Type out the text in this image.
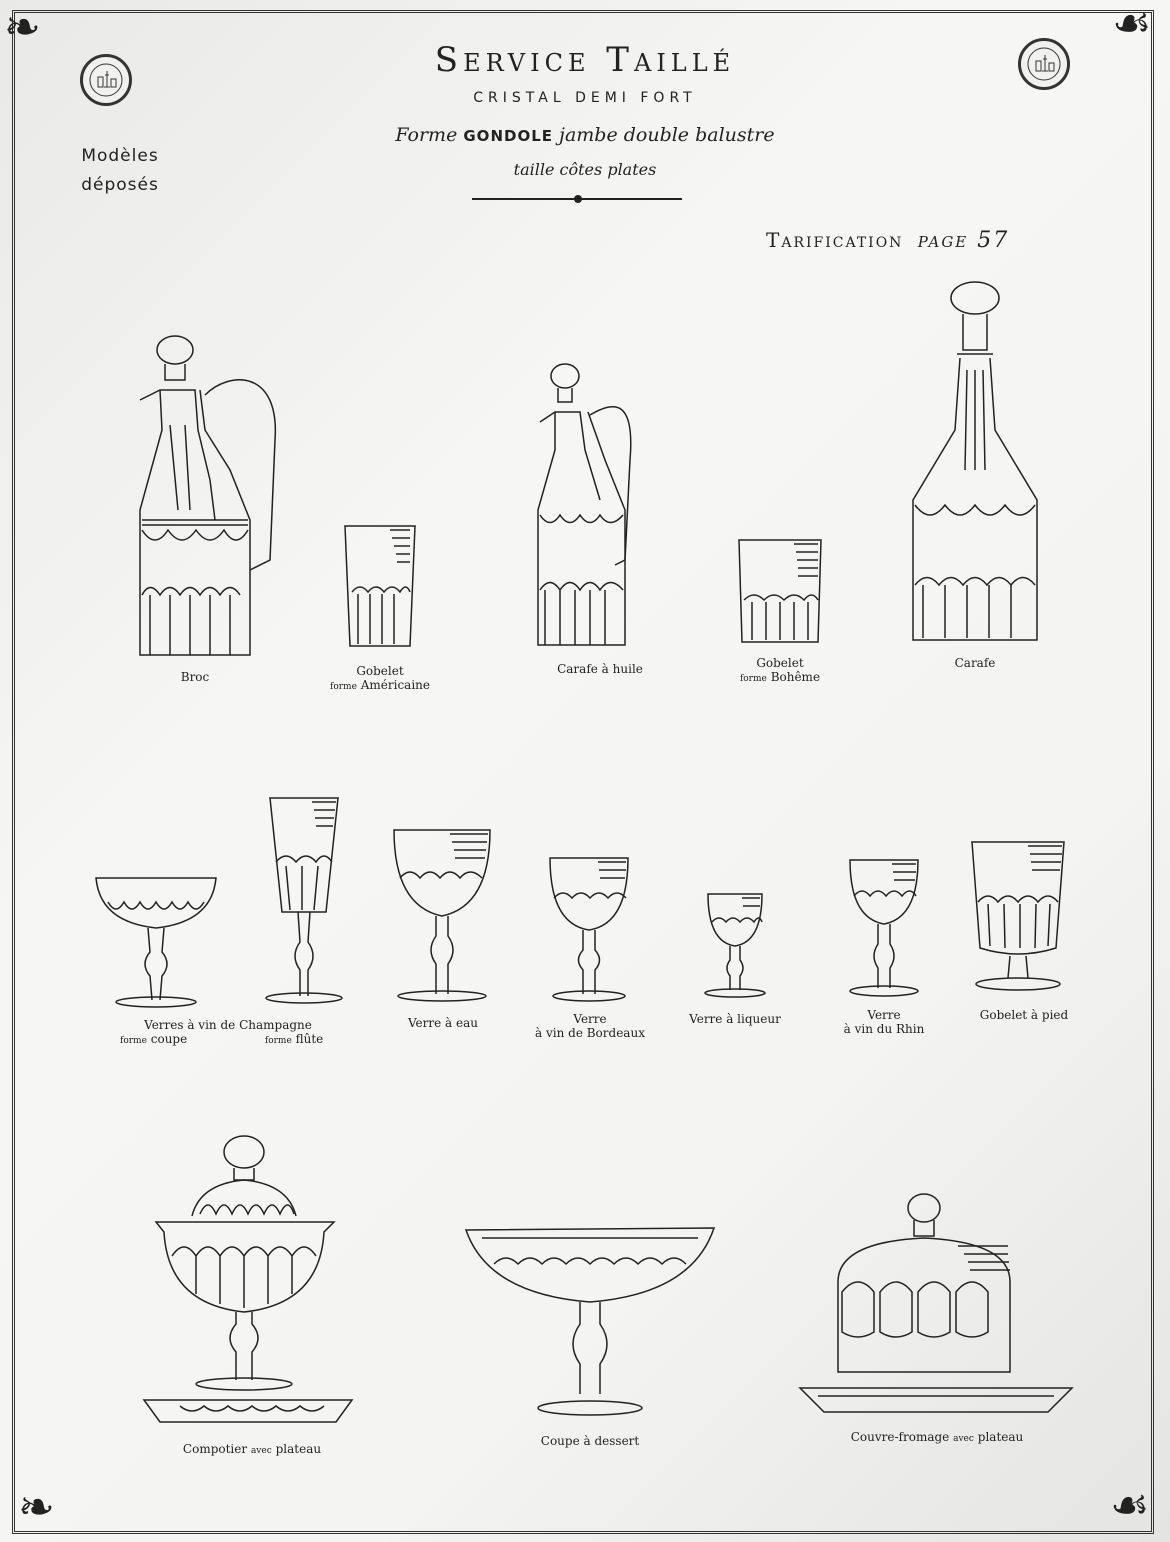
❧	☙
❧	☙
Service Taillé
CRISTAL DEMI FORT
Forme GONDOLE jambe double balustre
taille côtes plates
Modèles
déposés
Tarification page 57
Broc	Gobelet
forme Américaine
Carafe à huile	Gobelet
forme Bohême
Carafe
Verres à vin de Champagne
forme coupe	forme flûte
Verre à eau	Verre
à vin de Bordeaux
Verre à liqueur	Verre
à vin du Rhin
Gobelet à pied
Compotier avec plateau
Coupe à dessert	Couvre-fromage avec plateau
